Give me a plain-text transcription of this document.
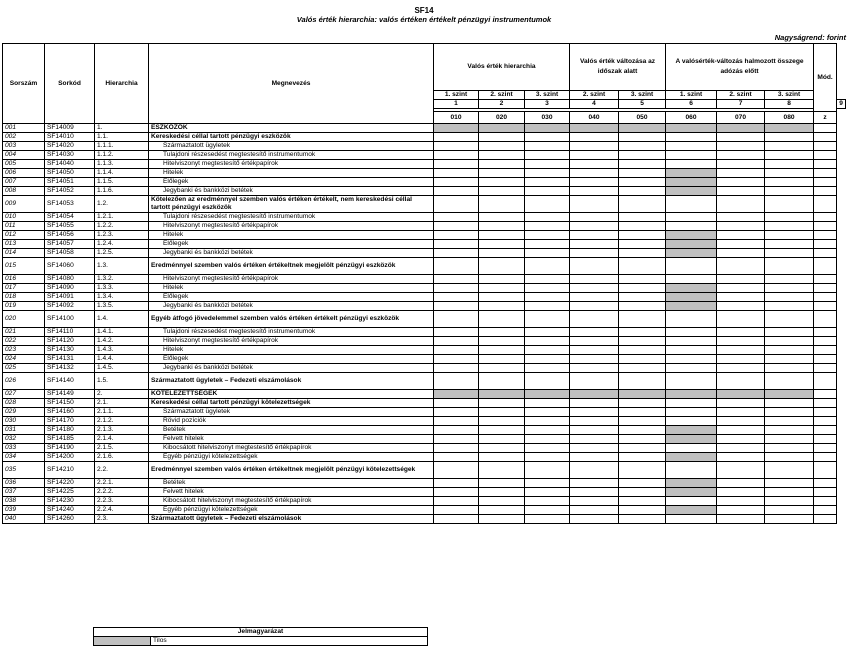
SF14
Valós érték hierarchia: valós értéken értékelt pénzügyi instrumentumok
Nagyságrend: forint
Sorszám	Sorkód	Hierarchia	Megnevezés	Valós érték hierarchia			Valós érték változása az időszak alatt		A valósérték-változás halmozott összege adózás előtt			Mód.	
				1. szint	2. szint	3. szint	2. szint	3. szint	1. szint	2. szint	3. szint		
				1	2	3	4	5	6	7	8		9

				010	020	030	040	050	060	070	080	z	
001	SF14009	1.	ESZKÖZÖK										
002	SF14010	1.1.	Kereskedési céllal tartott pénzügyi eszközök										
003	SF14020	1.1.1.	Származtatott ügyletek										
004	SF14030	1.1.2.	Tulajdoni részesedést megtestesítő instrumentumok										
005	SF14040	1.1.3.	Hitelviszonyt megtestesítő értékpapírok										
006	SF14050	1.1.4.	Hitelek										
007	SF14051	1.1.5.	Előlegek										
008	SF14052	1.1.6.	Jegybanki és bankközi betétek										
009	SF14053	1.2.	Kötelezően az eredménnyel szemben valós értéken értékelt, nem kereskedési céllal tartott pénzügyi eszközök										
010	SF14054	1.2.1.	Tulajdoni részesedést megtestesítő instrumentumok										
011	SF14055	1.2.2.	Hitelviszonyt megtestesítő értékpapírok										
012	SF14056	1.2.3.	Hitelek										
013	SF14057	1.2.4.	Előlegek										
014	SF14058	1.2.5.	Jegybanki és bankközi betétek										
015	SF14060	1.3.	Eredménnyel szemben valós értéken értékeltnek megjelölt pénzügyi eszközök										
016	SF14080	1.3.2.	Hitelviszonyt megtestesítő értékpapírok										
017	SF14090	1.3.3.	Hitelek										
018	SF14091	1.3.4.	Előlegek										
019	SF14092	1.3.5.	Jegybanki és bankközi betétek										
020	SF14100	1.4.	Egyéb átfogó jövedelemmel szemben valós értéken értékelt pénzügyi eszközök										
021	SF14110	1.4.1.	Tulajdoni részesedést megtestesítő instrumentumok										
022	SF14120	1.4.2.	Hitelviszonyt megtestesítő értékpapírok										
023	SF14130	1.4.3.	Hitelek										
024	SF14131	1.4.4.	Előlegek										
025	SF14132	1.4.5.	Jegybanki és bankközi betétek										
026	SF14140	1.5.	Származtatott ügyletek – Fedezeti elszámolások										
027	SF14149	2.	KÖTELEZETTSÉGEK										
028	SF14150	2.1.	Kereskedési céllal tartott pénzügyi kötelezettségek										
029	SF14160	2.1.1.	Származtatott ügyletek										
030	SF14170	2.1.2.	Rövid pozíciók										
031	SF14180	2.1.3.	Betétek										
032	SF14185	2.1.4.	Felvett hitelek										
033	SF14190	2.1.5.	Kibocsátott hitelviszonyt megtestesítő értékpapírok										
034	SF14200	2.1.6.	Egyéb pénzügyi kötelezettségek										
035	SF14210	2.2.	Eredménnyel szemben valós értéken értékeltnek megjelölt pénzügyi kötelezettségek										
036	SF14220	2.2.1.	Betétek										
037	SF14225	2.2.2.	Felvett hitelek										
038	SF14230	2.2.3.	Kibocsátott hitelviszonyt megtestesítő értékpapírok										
039	SF14240	2.2.4.	Egyéb pénzügyi kötelezettségek										
040	SF14260	2.3.	Származtatott ügyletek – Fedezeti elszámolások										
Jelmagyarázat
	Tilos
